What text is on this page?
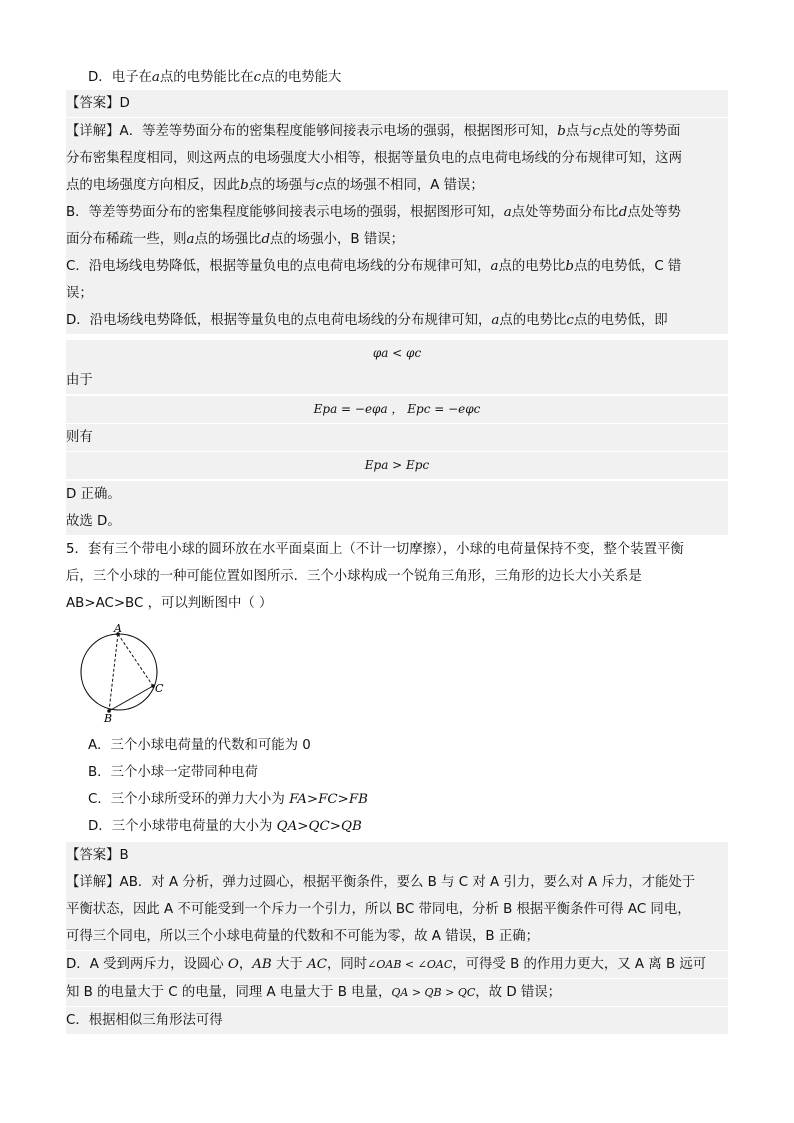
D．电子在a点的电势能比在c点的电势能大
【答案】D
【详解】A．等差等势面分布的密集程度能够间接表示电场的强弱，根据图形可知，b点与c点处的等势面
分布密集程度相同，则这两点的电场强度大小相等，根据等量负电的点电荷电场线的分布规律可知，这两
点的电场强度方向相反，因此b点的场强与c点的场强不相同，A 错误；
B．等差等势面分布的密集程度能够间接表示电场的强弱，根据图形可知，a点处等势面分布比d点处等势
面分布稀疏一些，则a点的场强比d点的场强小，B 错误；
C．沿电场线电势降低，根据等量负电的点电荷电场线的分布规律可知，a点的电势比b点的电势低，C 错
误；
D．沿电场线电势降低，根据等量负电的点电荷电场线的分布规律可知，a点的电势比c点的电势低，即
φa < φc
由于
Epa = −eφa ， Epc = −eφc
则有
Epa > Epc
D 正确。
故选 D。
5．套有三个带电小球的圆环放在水平面桌面上（不计一切摩擦），小球的电荷量保持不变，整个装置平衡
后，三个小球的一种可能位置如图所示．三个小球构成一个锐角三角形，三角形的边长大小关系是
AB>AC>BC ，可以判断图中（ ）
A
B
C
A．三个小球电荷量的代数和可能为 0
B．三个小球一定带同种电荷
C．三个小球所受环的弹力大小为 FA>FC>FB
D．三个小球带电荷量的大小为 QA>QC>QB
【答案】B
【详解】AB．对 A 分析，弹力过圆心，根据平衡条件，要么 B 与 C 对 A 引力，要么对 A 斥力，才能处于
平衡状态，因此 A 不可能受到一个斥力一个引力，所以 BC 带同电，分析 B 根据平衡条件可得 AC 同电，
可得三个同电，所以三个小球电荷量的代数和不可能为零，故 A 错误，B 正确；
D．A 受到两斥力，设圆心 O，AB 大于 AC，同时∠OAB < ∠OAC，可得受 B 的作用力更大，又 A 离 B 远可
知 B 的电量大于 C 的电量，同理 A 电量大于 B 电量，QA > QB > QC，故 D 错误；
C．根据相似三角形法可得
